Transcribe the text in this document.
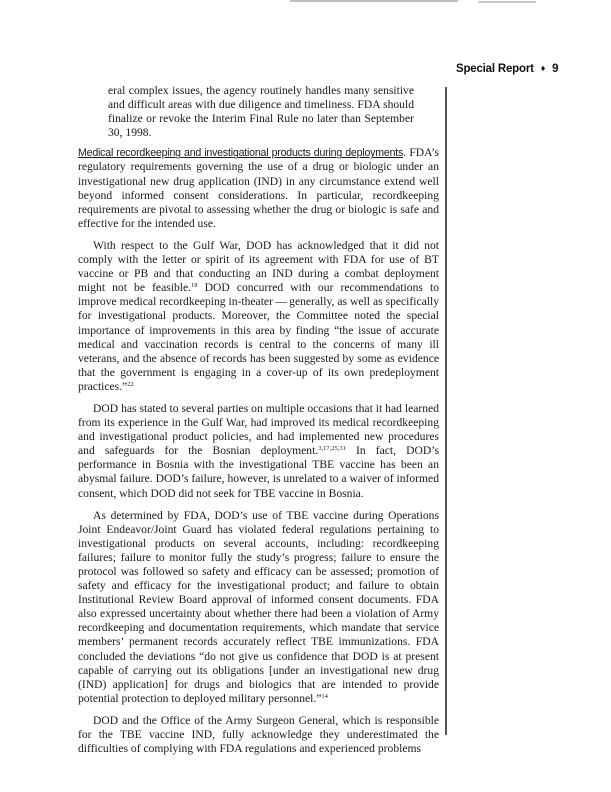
Special Report ♦ 9

eral complex issues, the agency routinely handles many sensitive and difficult areas with due diligence and timeliness. FDA should finalize or revoke the Interim Final Rule no later than September 30, 1998.

Medical recordkeeping and investigational products during deployments. FDA’s regulatory requirements governing the use of a drug or biologic under an investigational new drug application (IND) in any circumstance extend well beyond informed consent considerations. In particular, recordkeeping requirements are pivotal to assessing whether the drug or biologic is safe and effective for the intended use.

With respect to the Gulf War, DOD has acknowledged that it did not comply with the letter or spirit of its agreement with FDA for use of BT vaccine or PB and that conducting an IND during a combat deployment might not be feasible.$^{18}$ DOD concurred with our recommendations to improve medical recordkeeping in-theater — generally, as well as specifically for investigational products. Moreover, the Committee noted the special importance of improvements in this area by finding “the issue of accurate medical and vaccination records is central to the concerns of many ill veterans, and the absence of records has been suggested by some as evidence that the government is engaging in a cover-up of its own predeployment practices.”$^{22}$

DOD has stated to several parties on multiple occasions that it had learned from its experience in the Gulf War, had improved its medical recordkeeping and investigational product policies, and had implemented new procedures and safeguards for the Bosnian deployment.$^{3,17,25,31}$ In fact, DOD’s performance in Bosnia with the investigational TBE vaccine has been an abysmal failure. DOD’s failure, however, is unrelated to a waiver of informed consent, which DOD did not seek for TBE vaccine in Bosnia.

As determined by FDA, DOD’s use of TBE vaccine during Operations Joint Endeavor/Joint Guard has violated federal regulations pertaining to investigational products on several accounts, including: recordkeeping failures; failure to monitor fully the study’s progress; failure to ensure the protocol was followed so safety and efficacy can be assessed; promotion of safety and efficacy for the investigational product; and failure to obtain Institutional Review Board approval of informed consent documents. FDA also expressed uncertainty about whether there had been a violation of Army recordkeeping and documentation requirements, which mandate that service members’ permanent records accurately reflect TBE immunizations. FDA concluded the deviations “do not give us confidence that DOD is at present capable of carrying out its obligations [under an investigational new drug (IND) application] for drugs and biologics that are intended to provide potential protection to deployed military personnel.”$^{14}$

DOD and the Office of the Army Surgeon General, which is responsible for the TBE vaccine IND, fully acknowledge they underestimated the difficulties of complying with FDA regulations and experienced problems
